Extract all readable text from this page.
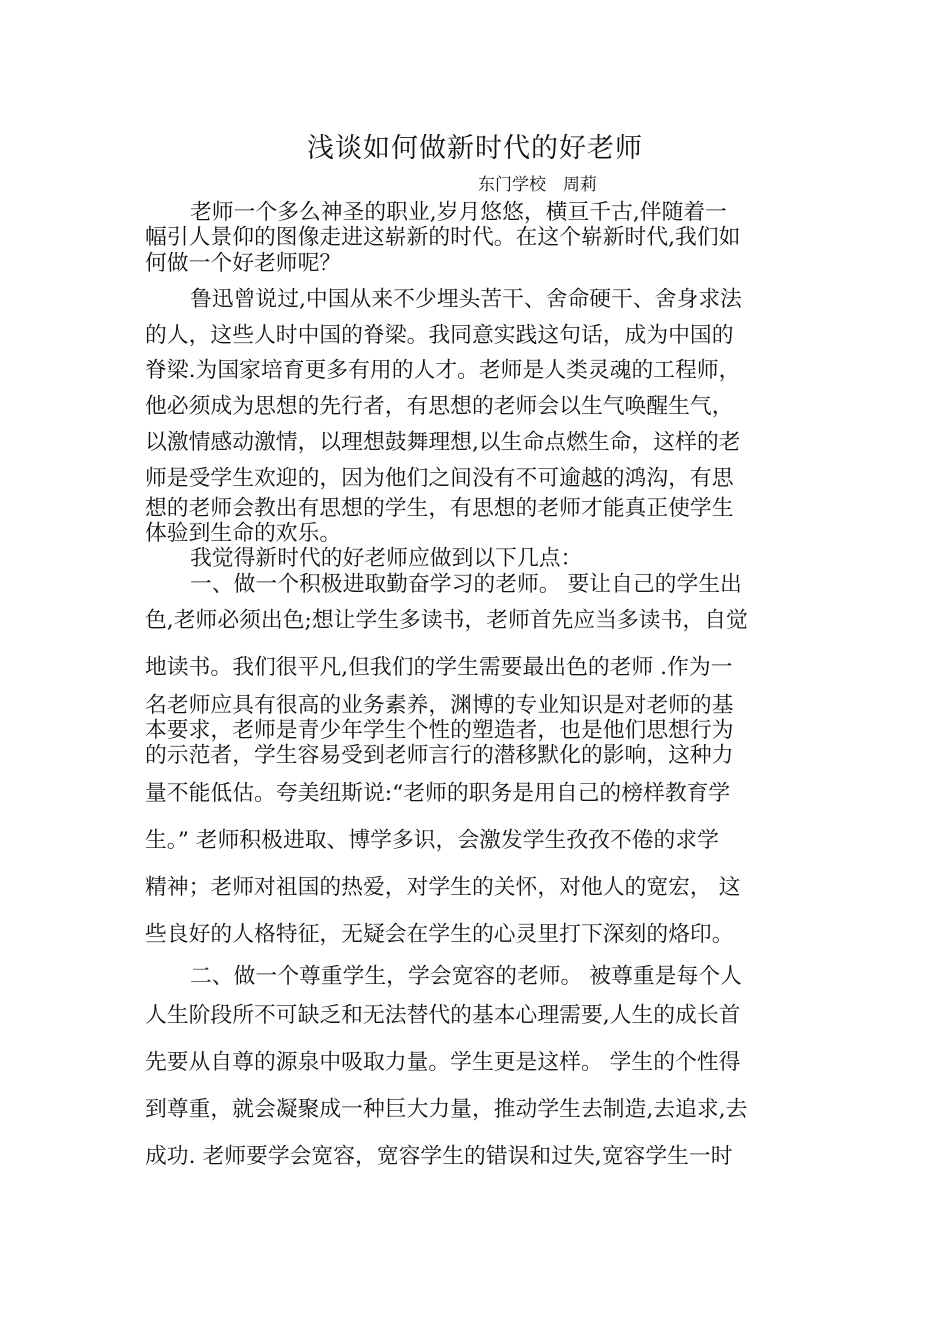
浅谈如何做新时代的好老师
东门学校　周莉
老师一个多么神圣的职业,岁月悠悠，横亘千古,伴随着一
幅引人景仰的图像走进这崭新的时代。在这个崭新时代,我们如
何做一个好老师呢？
鲁迅曾说过,中国从来不少埋头苦干、舍命硬干、舍身求法
的人，这些人时中国的脊梁。我同意实践这句话，成为中国的
脊梁.为国家培育更多有用的人才。老师是人类灵魂的工程师，
他必须成为思想的先行者，有思想的老师会以生气唤醒生气，
以激情感动激情，以理想鼓舞理想,以生命点燃生命，这样的老
师是受学生欢迎的，因为他们之间没有不可逾越的鸿沟，有思
想的老师会教出有思想的学生，有思想的老师才能真正使学生
体验到生命的欢乐。
我觉得新时代的好老师应做到以下几点：
一、做一个积极进取勤奋学习的老师。 要让自己的学生出
色,老师必须出色;想让学生多读书，老师首先应当多读书，自觉
地读书。我们很平凡,但我们的学生需要最出色的老师 .作为一
名老师应具有很高的业务素养，渊博的专业知识是对老师的基
本要求，老师是青少年学生个性的塑造者，也是他们思想行为
的示范者，学生容易受到老师言行的潜移默化的影响，这种力
量不能低估。夸美纽斯说:“老师的职务是用自己的榜样教育学
生。” 老师积极进取、博学多识，会激发学生孜孜不倦的求学
精神；老师对祖国的热爱，对学生的关怀，对他人的宽宏， 这
些良好的人格特征，无疑会在学生的心灵里打下深刻的烙印。
二、做一个尊重学生，学会宽容的老师。 被尊重是每个人
人生阶段所不可缺乏和无法替代的基本心理需要,人生的成长首
先要从自尊的源泉中吸取力量。学生更是这样。 学生的个性得
到尊重，就会凝聚成一种巨大力量，推动学生去制造,去追求,去
成功. 老师要学会宽容，宽容学生的错误和过失,宽容学生一时
